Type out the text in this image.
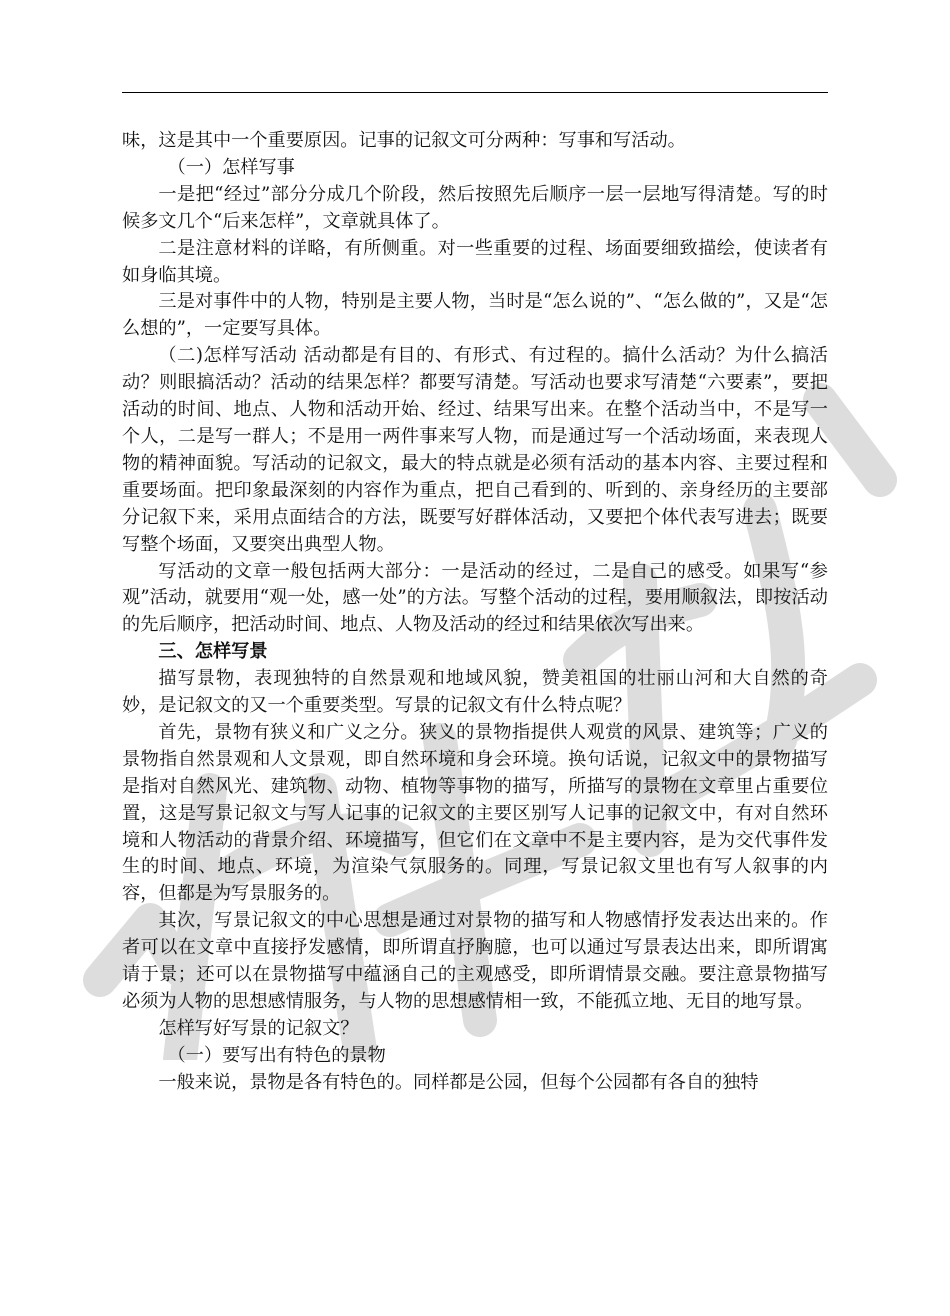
味，这是其中一个重要原因。记事的记叙文可分两种：写事和写活动。

（一）怎样写事

一是把“经过”部分分成几个阶段，然后按照先后顺序一层一层地写得清楚。写的时候多文几个“后来怎样”，文章就具体了。

二是注意材料的详略，有所侧重。对一些重要的过程、场面要细致描绘，使读者有如身临其境。

三是对事件中的人物，特别是主要人物，当时是“怎么说的”、“怎么做的”，又是“怎么想的”，一定要写具体。

（二)怎样写活动 活动都是有目的、有形式、有过程的。搞什么活动？为什么搞活动？则眼搞活动？活动的结果怎样？都要写清楚。写活动也要求写清楚“六要素”，要把活动的时间、地点、人物和活动开始、经过、结果写出来。在整个活动当中，不是写一个人，二是写一群人；不是用一两件事来写人物，而是通过写一个活动场面，来表现人物的精神面貌。写活动的记叙文，最大的特点就是必须有活动的基本内容、主要过程和重要场面。把印象最深刻的内容作为重点，把自己看到的、听到的、亲身经历的主要部分记叙下来，采用点面结合的方法，既要写好群体活动，又要把个体代表写进去；既要写整个场面，又要突出典型人物。

写活动的文章一般包括两大部分：一是活动的经过，二是自己的感受。如果写“参观”活动，就要用“观一处，感一处”的方法。写整个活动的过程，要用顺叙法，即按活动的先后顺序，把活动时间、地点、人物及活动的经过和结果依次写出来。

三、怎样写景

描写景物，表现独特的自然景观和地域风貌，赞美祖国的壮丽山河和大自然的奇妙，是记叙文的又一个重要类型。写景的记叙文有什么特点呢？

首先，景物有狭义和广义之分。狭义的景物指提供人观赏的风景、建筑等；广义的景物指自然景观和人文景观，即自然环境和身会环境。换句话说，记叙文中的景物描写是指对自然风光、建筑物、动物、植物等事物的描写，所描写的景物在文章里占重要位置，这是写景记叙文与写人记事的记叙文的主要区别写人记事的记叙文中，有对自然环境和人物活动的背景介绍、环境描写，但它们在文章中不是主要内容，是为交代事件发生的时间、地点、环境，为渲染气氛服务的。同理，写景记叙文里也有写人叙事的内容，但都是为写景服务的。

其次，写景记叙文的中心思想是通过对景物的描写和人物感情抒发表达出来的。作者可以在文章中直接抒发感情，即所谓直抒胸臆，也可以通过写景表达出来，即所谓寓请于景；还可以在景物描写中蕴涵自己的主观感受，即所谓情景交融。要注意景物描写必须为人物的思想感情服务，与人物的思想感情相一致，不能孤立地、无目的地写景。

怎样写好写景的记叙文？

（一）要写出有特色的景物

一般来说，景物是各有特色的。同样都是公园，但每个公园都有各自的独特
